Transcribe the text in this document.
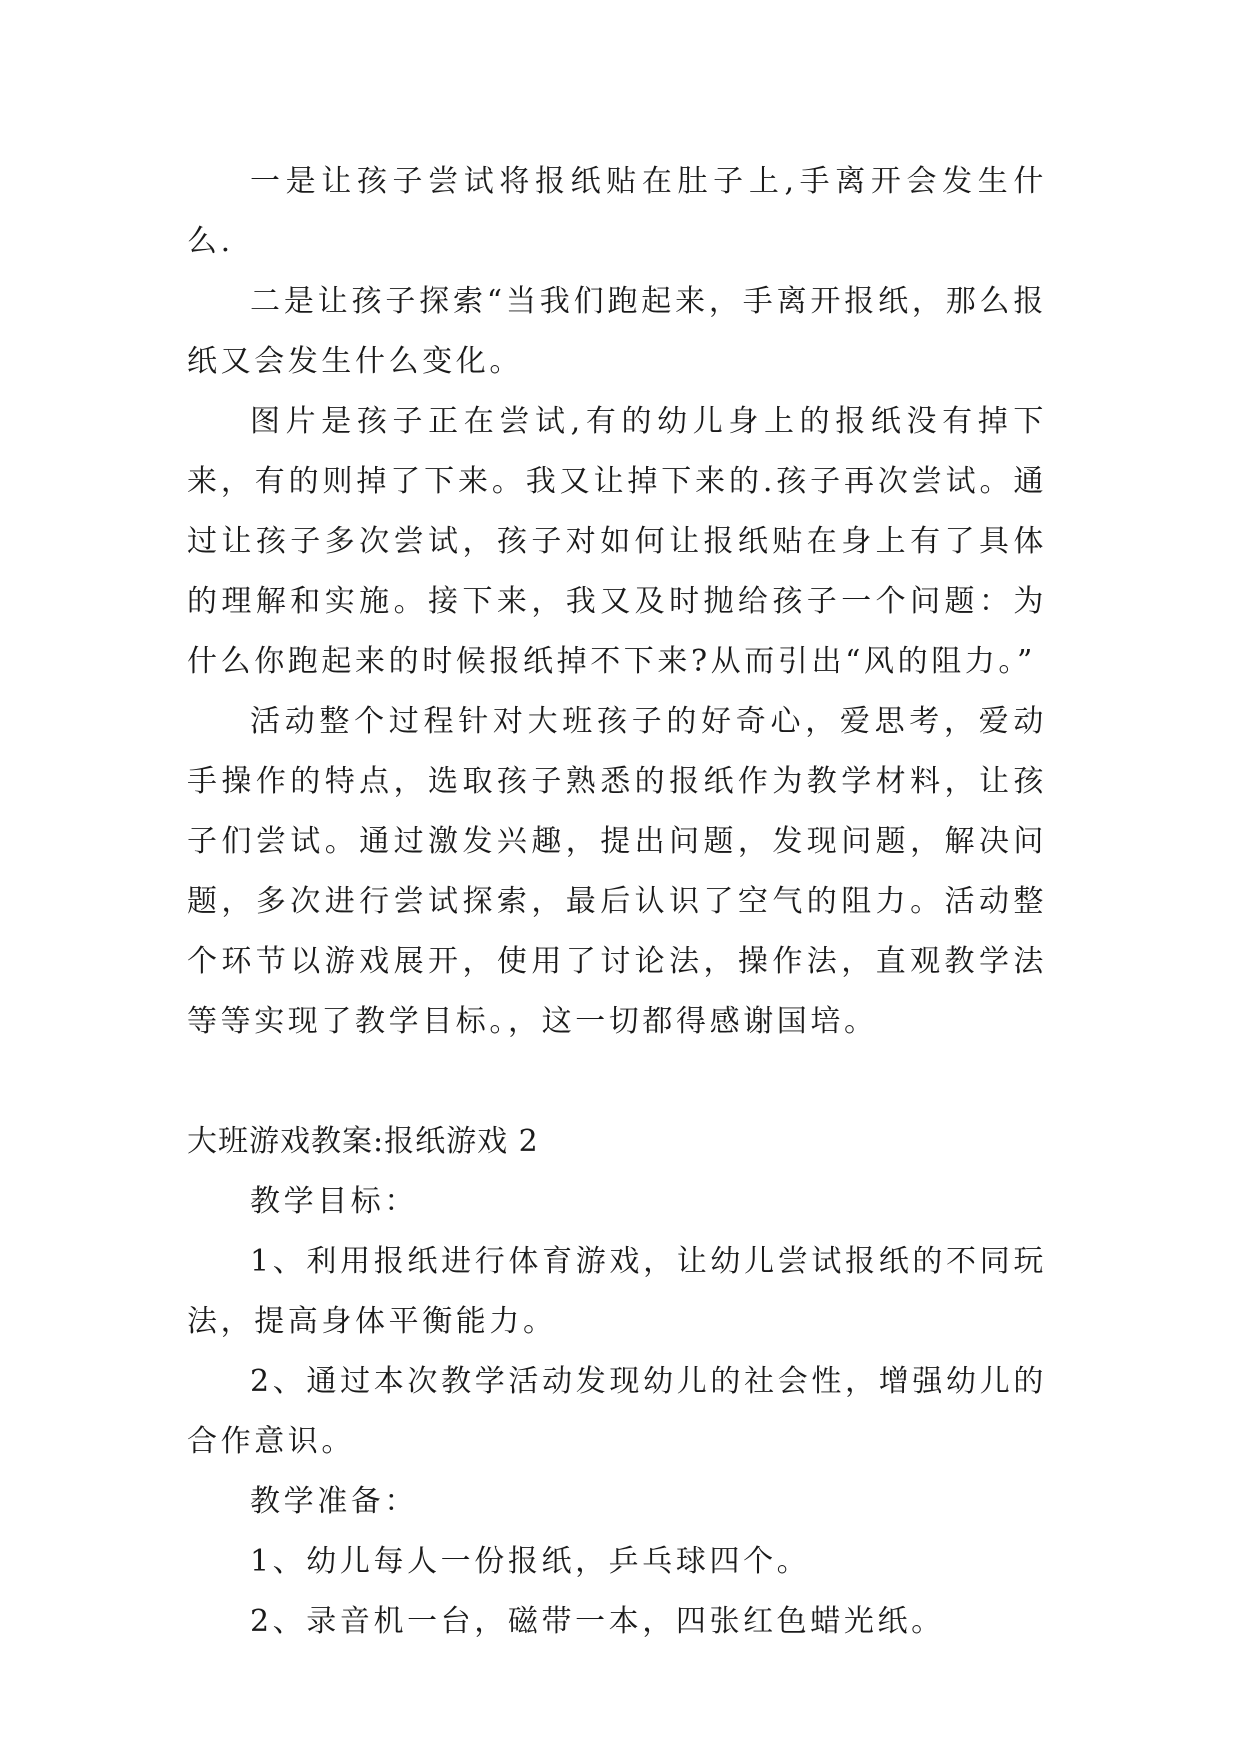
一是让孩子尝试将报纸贴在肚子上,手离开会发生什么.

二是让孩子探索“当我们跑起来，手离开报纸，那么报纸又会发生什么变化。

图片是孩子正在尝试,有的幼儿身上的报纸没有掉下来，有的则掉了下来。我又让掉下来的.孩子再次尝试。通过让孩子多次尝试，孩子对如何让报纸贴在身上有了具体的理解和实施。接下来，我又及时抛给孩子一个问题：为什么你跑起来的时候报纸掉不下来?从而引出“风的阻力。”

活动整个过程针对大班孩子的好奇心，爱思考，爱动手操作的特点，选取孩子熟悉的报纸作为教学材料，让孩子们尝试。通过激发兴趣，提出问题，发现问题，解决问题，多次进行尝试探索，最后认识了空气的阻力。活动整个环节以游戏展开，使用了讨论法，操作法，直观教学法等等实现了教学目标。，这一切都得感谢国培。

大班游戏教案:报纸游戏 2

教学目标：

1、利用报纸进行体育游戏，让幼儿尝试报纸的不同玩法，提高身体平衡能力。

2、通过本次教学活动发现幼儿的社会性，增强幼儿的合作意识。

教学准备：

1、幼儿每人一份报纸，乒乓球四个。

2、录音机一台，磁带一本，四张红色蜡光纸。
